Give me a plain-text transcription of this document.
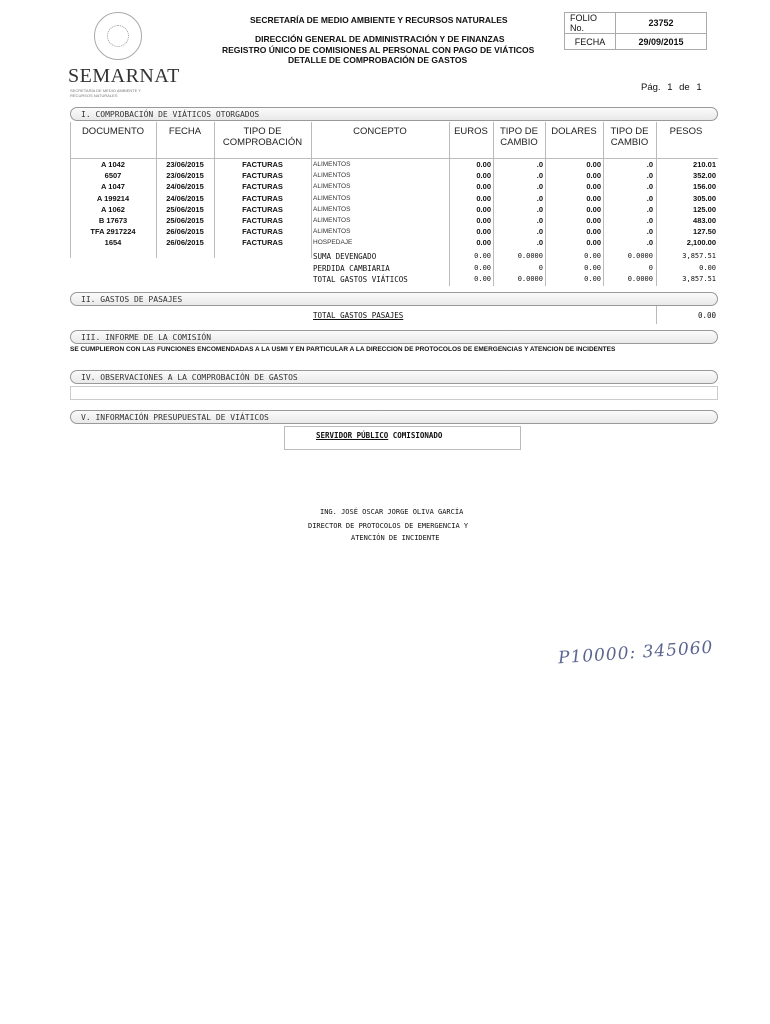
SEMARNAT
SECRETARÍA DE MEDIO AMBIENTE Y RECURSOS NATURALES
SECRETARÍA DE MEDIO AMBIENTE Y RECURSOS NATURALES
DIRECCIÓN GENERAL DE ADMINISTRACIÓN Y DE FINANZAS
REGISTRO ÚNICO DE COMISIONES AL PERSONAL CON PAGO DE VIÁTICOS
DETALLE DE COMPROBACIÓN DE GASTOS
FOLIO No.	23752
FECHA	29/09/2015
Pág. 1 de 1
I. COMPROBACIÓN DE VIÁTICOS OTORGADOS
DOCUMENTO	FECHA	TIPO DE
COMPROBACIÓN
CONCEPTO	EUROS	TIPO DE
CAMBIO
DOLARES	TIPO DE
CAMBIO
PESOS
A 1042	23/06/2015	FACTURAS	ALIMENTOS	0.00	.0	0.00	.0	210.01
6507	23/06/2015	FACTURAS	ALIMENTOS	0.00	.0	0.00	.0	352.00
A 1047	24/06/2015	FACTURAS	ALIMENTOS	0.00	.0	0.00	.0	156.00
A 199214	24/06/2015	FACTURAS	ALIMENTOS	0.00	.0	0.00	.0	305.00
A 1062	25/06/2015	FACTURAS	ALIMENTOS	0.00	.0	0.00	.0	125.00
B 17673	25/06/2015	FACTURAS	ALIMENTOS	0.00	.0	0.00	.0	483.00
TFA 2917224	26/06/2015	FACTURAS	ALIMENTOS	0.00	.0	0.00	.0	127.50
1654	26/06/2015	FACTURAS	HOSPEDAJE	0.00	.0	0.00	.0	2,100.00
SUMA DEVENGADO	0.00	0.0000	0.00	0.0000	3,857.51
PERDIDA CAMBIARIA	0.00	0	0.00	0	0.00
TOTAL GASTOS VIÁTICOS	0.00	0.0000	0.00	0.0000	3,857.51
II. GASTOS DE PASAJES
TOTAL GASTOS PASAJES	0.00
III. INFORME DE LA COMISIÓN
SE CUMPLIERON CON LAS FUNCIONES ENCOMENDADAS A LA USMI Y EN PARTICULAR A LA DIRECCION DE PROTOCOLOS DE EMERGENCIAS Y ATENCION DE INCIDENTES
IV. OBSERVACIONES A LA COMPROBACIÓN DE GASTOS
V. INFORMACIÓN PRESUPUESTAL DE VIÁTICOS
SERVIDOR PÚBLICO COMISIONADO
ING. JOSÉ OSCAR JORGE OLIVA GARCÍA
DIRECTOR DE PROTOCOLOS DE EMERGENCIA Y
ATENCIÓN DE INCIDENTE
P10000: 345060
